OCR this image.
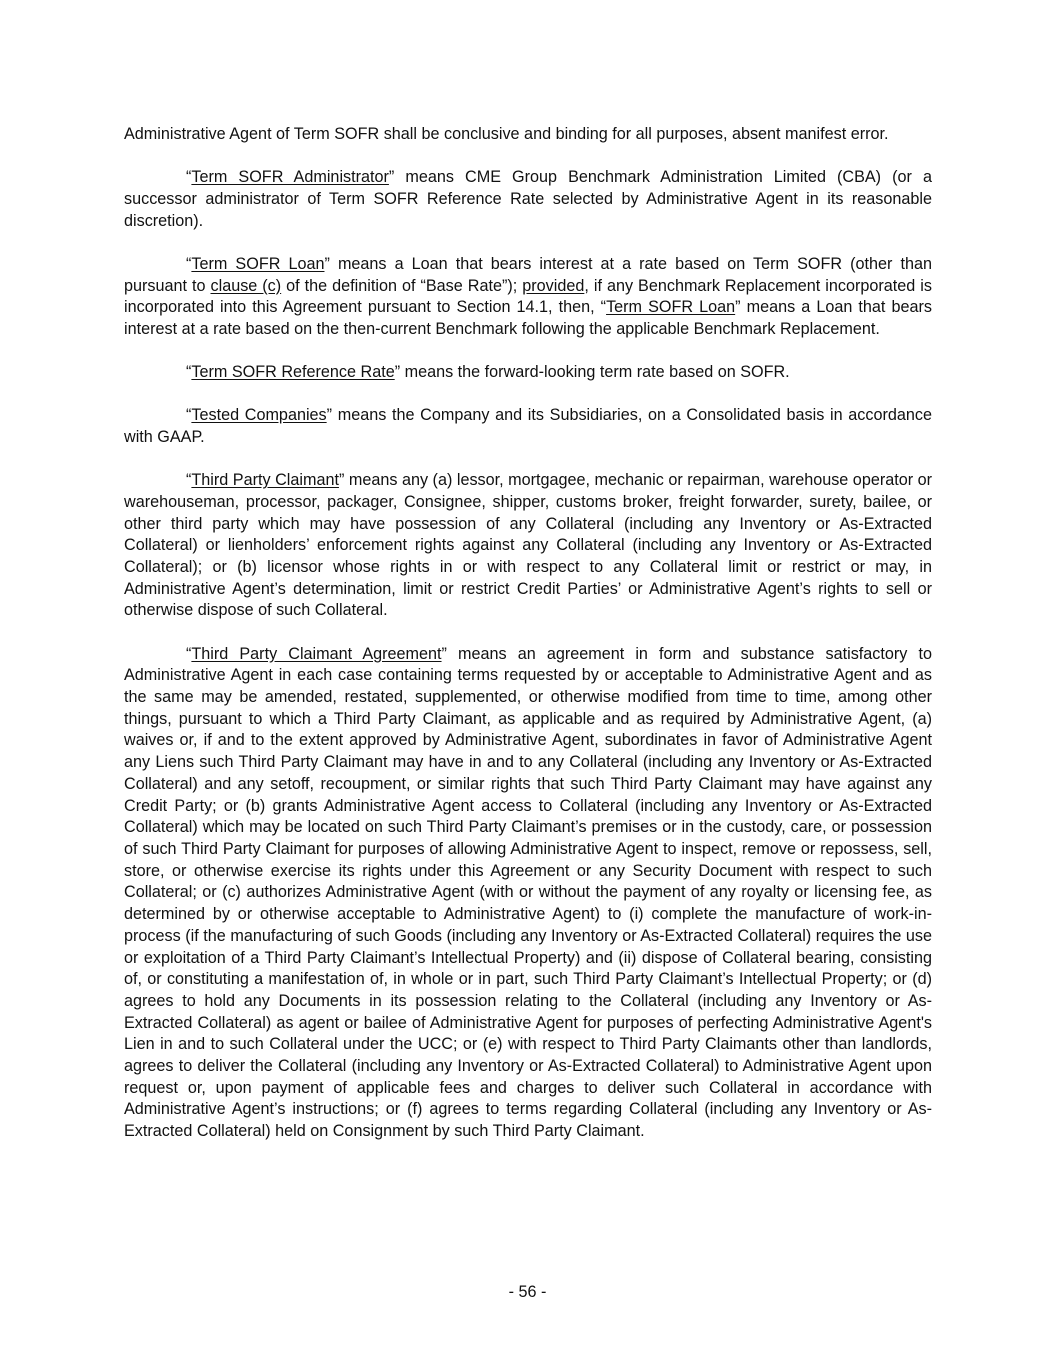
Administrative Agent of Term SOFR shall be conclusive and binding for all purposes, absent manifest error.

“Term SOFR Administrator” means CME Group Benchmark Administration Limited (CBA) (or a successor administrator of Term SOFR Reference Rate selected by Administrative Agent in its reasonable discretion).

“Term SOFR Loan” means a Loan that bears interest at a rate based on Term SOFR (other than pursuant to clause (c) of the definition of “Base Rate”); provided, if any Benchmark Replacement incorporated is incorporated into this Agreement pursuant to Section 14.1, then, “Term SOFR Loan” means a Loan that bears interest at a rate based on the then-current Benchmark following the applicable Benchmark Replacement.

“Term SOFR Reference Rate” means the forward-looking term rate based on SOFR.

“Tested Companies” means the Company and its Subsidiaries, on a Consolidated basis in accordance with GAAP.

“Third Party Claimant” means any (a) lessor, mortgagee, mechanic or repairman, warehouse operator or warehouseman, processor, packager, Consignee, shipper, customs broker, freight forwarder, surety, bailee, or other third party which may have possession of any Collateral (including any Inventory or As-Extracted Collateral) or lienholders’ enforcement rights against any Collateral (including any Inventory or As-Extracted Collateral); or (b) licensor whose rights in or with respect to any Collateral limit or restrict or may, in Administrative Agent’s determination, limit or restrict Credit Parties’ or Administrative Agent’s rights to sell or otherwise dispose of such Collateral.

“Third Party Claimant Agreement” means an agreement in form and substance satisfactory to Administrative Agent in each case containing terms requested by or acceptable to Administrative Agent and as the same may be amended, restated, supplemented, or otherwise modified from time to time, among other things, pursuant to which a Third Party Claimant, as applicable and as required by Administrative Agent, (a) waives or, if and to the extent approved by Administrative Agent, subordinates in favor of Administrative Agent any Liens such Third Party Claimant may have in and to any Collateral (including any Inventory or As-Extracted Collateral) and any setoff, recoupment, or similar rights that such Third Party Claimant may have against any Credit Party; or (b) grants Administrative Agent access to Collateral (including any Inventory or As-Extracted Collateral) which may be located on such Third Party Claimant’s premises or in the custody, care, or possession of such Third Party Claimant for purposes of allowing Administrative Agent to inspect, remove or repossess, sell, store, or otherwise exercise its rights under this Agreement or any Security Document with respect to such Collateral; or (c) authorizes Administrative Agent (with or without the payment of any royalty or licensing fee, as determined by or otherwise acceptable to Administrative Agent) to (i) complete the manufacture of work-in-process (if the manufacturing of such Goods (including any Inventory or As-Extracted Collateral) requires the use or exploitation of a Third Party Claimant’s Intellectual Property) and (ii) dispose of Collateral bearing, consisting of, or constituting a manifestation of, in whole or in part, such Third Party Claimant’s Intellectual Property; or (d) agrees to hold any Documents in its possession relating to the Collateral (including any Inventory or As-Extracted Collateral) as agent or bailee of Administrative Agent for purposes of perfecting Administrative Agent's Lien in and to such Collateral under the UCC; or (e) with respect to Third Party Claimants other than landlords, agrees to deliver the Collateral (including any Inventory or As-Extracted Collateral) to Administrative Agent upon request or, upon payment of applicable fees and charges to deliver such Collateral in accordance with Administrative Agent’s instructions; or (f) agrees to terms regarding Collateral (including any Inventory or As-Extracted Collateral) held on Consignment by such Third Party Claimant.

- 56 -
